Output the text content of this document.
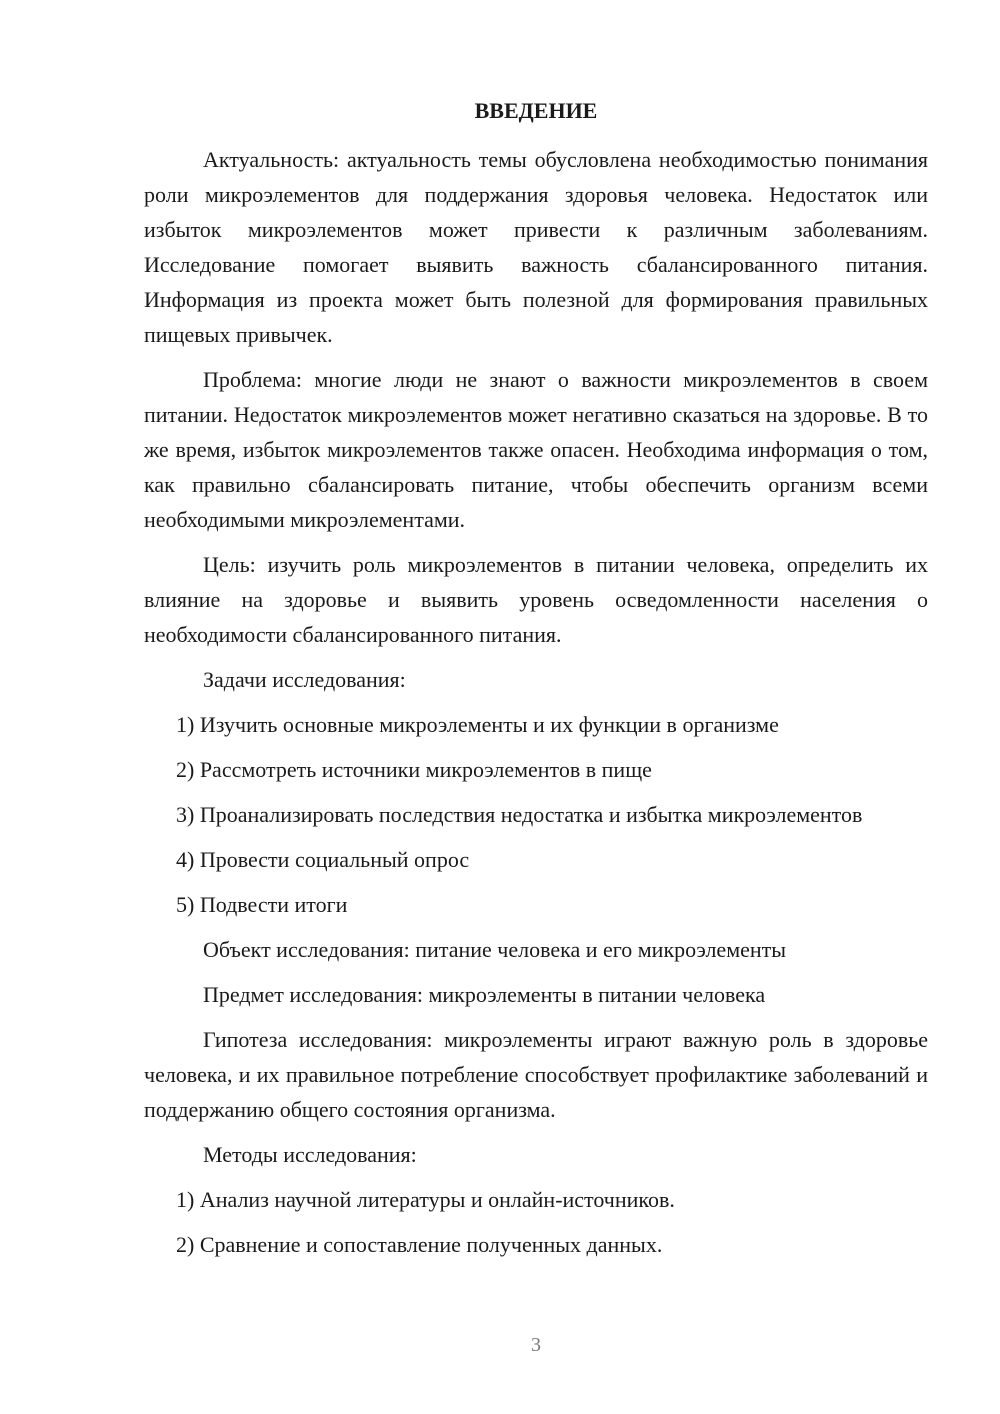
ВВЕДЕНИЕ

Актуальность: актуальность темы обусловлена необходимостью понимания роли микроэлементов для поддержания здоровья человека. Недостаток или избыток микроэлементов может привести к различным заболеваниям. Исследование помогает выявить важность сбалансированного питания. Информация из проекта может быть полезной для формирования правильных пищевых привычек.

Проблема: многие люди не знают о важности микроэлементов в своем питании. Недостаток микроэлементов может негативно сказаться на здоровье. В то же время, избыток микроэлементов также опасен. Необходима информация о том, как правильно сбалансировать питание, чтобы обеспечить организм всеми необходимыми микроэлементами.

Цель: изучить роль микроэлементов в питании человека, определить их влияние на здоровье и выявить уровень осведомленности населения о необходимости сбалансированного питания.

Задачи исследования:

1) Изучить основные микроэлементы и их функции в организме

2) Рассмотреть источники микроэлементов в пище

3) Проанализировать последствия недостатка и избытка микроэлементов

4) Провести социальный опрос

5) Подвести итоги

Объект исследования: питание человека и его микроэлементы

Предмет исследования: микроэлементы в питании человека

Гипотеза исследования: микроэлементы играют важную роль в здоровье человека, и их правильное потребление способствует профилактике заболеваний и поддержанию общего состояния организма.

Методы исследования:

1) Анализ научной литературы и онлайн-источников.

2) Сравнение и сопоставление полученных данных.

3
